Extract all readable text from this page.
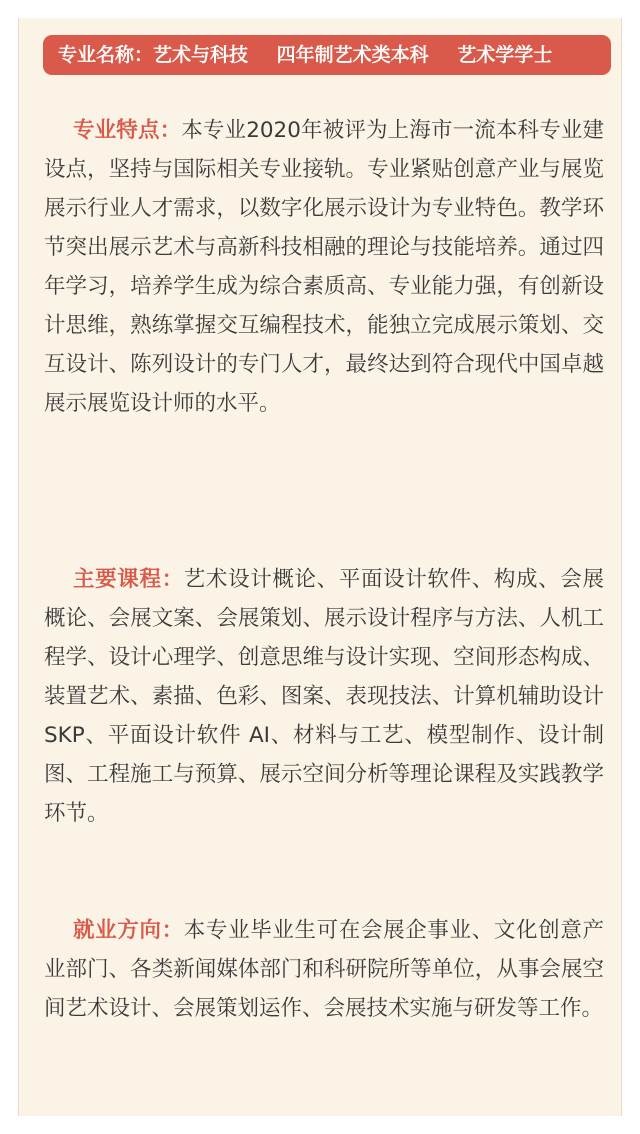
专业名称：艺术与科技 四年制艺术类本科 艺术学学士

专业特点：本专业2020年被评为上海市一流本科专业建设点，坚持与国际相关专业接轨。专业紧贴创意产业与展览展示行业人才需求，以数字化展示设计为专业特色。教学环节突出展示艺术与高新科技相融的理论与技能培养。通过四年学习，培养学生成为综合素质高、专业能力强，有创新设计思维，熟练掌握交互编程技术，能独立完成展示策划、交互设计、陈列设计的专门人才，最终达到符合现代中国卓越展示展览设计师的水平。

主要课程：艺术设计概论、平面设计软件、构成、会展概论、会展文案、会展策划、展示设计程序与方法、人机工程学、设计心理学、创意思维与设计实现、空间形态构成、装置艺术、素描、色彩、图案、表现技法、计算机辅助设计 SKP、平面设计软件 AI、材料与工艺、模型制作、设计制图、工程施工与预算、展示空间分析等理论课程及实践教学环节。

就业方向：本专业毕业生可在会展企事业、文化创意产业部门、各类新闻媒体部门和科研院所等单位，从事会展空间艺术设计、会展策划运作、会展技术实施与研发等工作。
